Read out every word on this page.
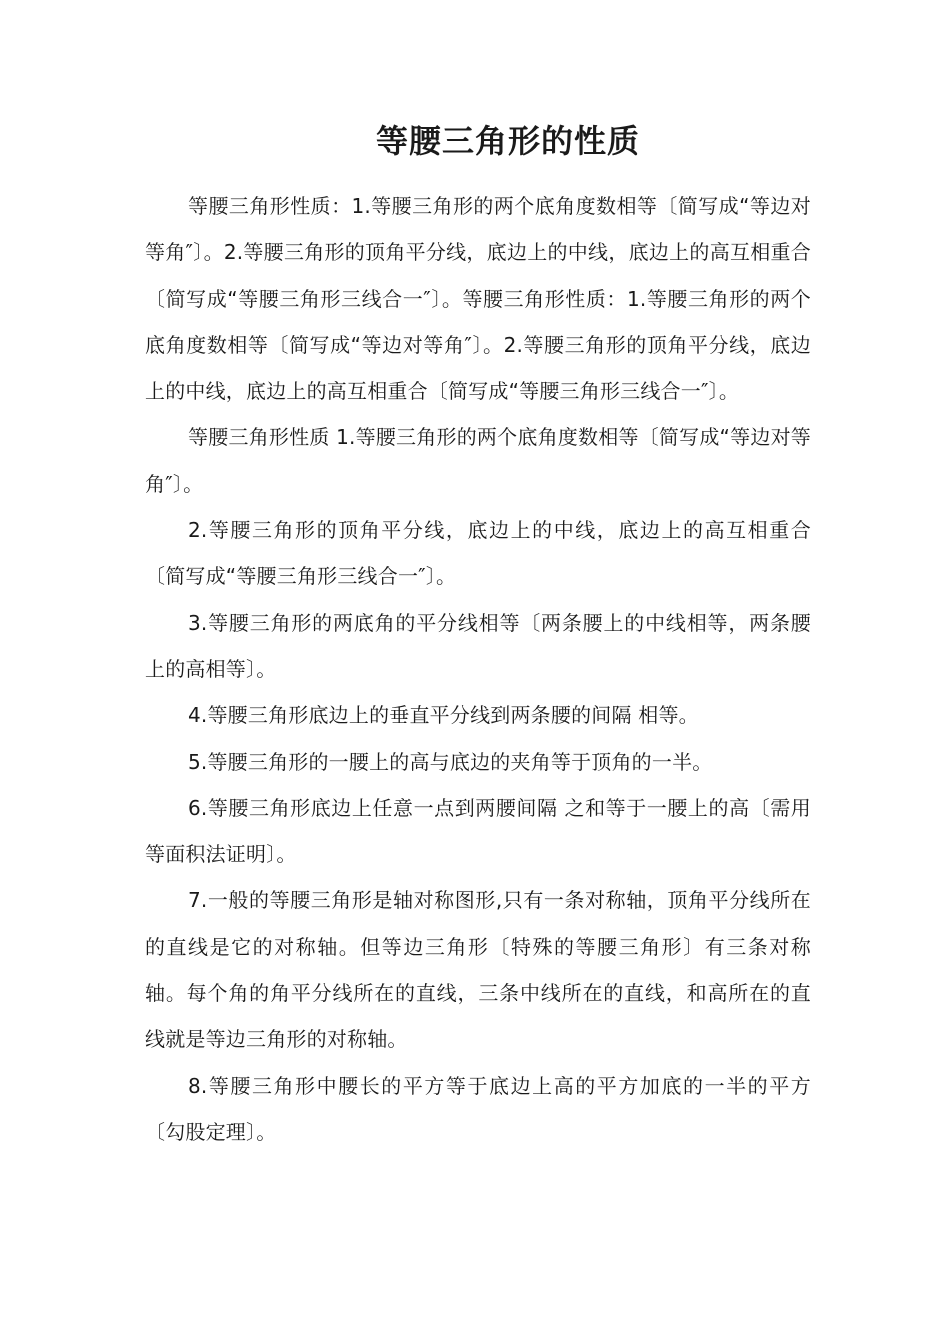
等腰三角形的性质

等腰三角形性质：1.等腰三角形的两个底角度数相等〔简写成“等边对等角″〕。2.等腰三角形的顶角平分线，底边上的中线，底边上的高互相重合〔简写成“等腰三角形三线合一″〕。等腰三角形性质：1.等腰三角形的两个底角度数相等〔简写成“等边对等角″〕。2.等腰三角形的顶角平分线，底边上的中线，底边上的高互相重合〔简写成“等腰三角形三线合一″〕。

等腰三角形性质 1.等腰三角形的两个底角度数相等〔简写成“等边对等角″〕。

2.等腰三角形的顶角平分线，底边上的中线，底边上的高互相重合〔简写成“等腰三角形三线合一″〕。

3.等腰三角形的两底角的平分线相等〔两条腰上的中线相等，两条腰上的高相等〕。

4.等腰三角形底边上的垂直平分线到两条腰的间隔 相等。

5.等腰三角形的一腰上的高与底边的夹角等于顶角的一半。

6.等腰三角形底边上任意一点到两腰间隔 之和等于一腰上的高〔需用等面积法证明〕。

7.一般的等腰三角形是轴对称图形,只有一条对称轴，顶角平分线所在的直线是它的对称轴。但等边三角形〔特殊的等腰三角形〕有三条对称轴。每个角的角平分线所在的直线，三条中线所在的直线，和高所在的直线就是等边三角形的对称轴。

8.等腰三角形中腰长的平方等于底边上高的平方加底的一半的平方〔勾股定理〕。
